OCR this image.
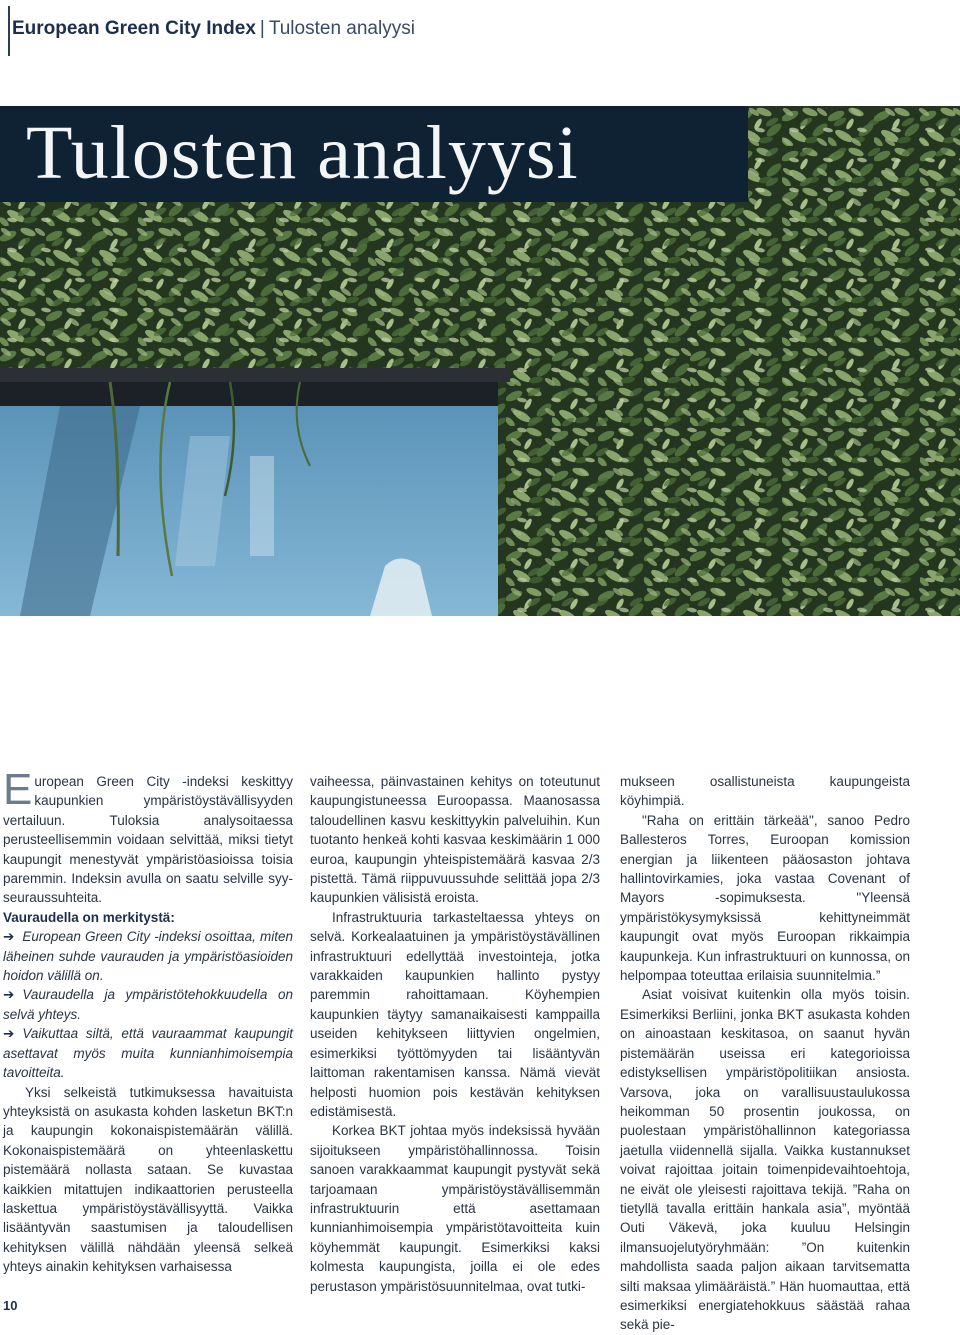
European Green City Index | Tulosten analyysi
Tulosten analyysi

European Green City -indeksi keskittyy kaupunkien ympäristöystävällisyyden vertailuun. Tuloksia analysoitaessa perusteellisemmin voidaan selvittää, miksi tietyt kaupungit menestyvät ympäristöasioissa toisia paremmin. Indeksin avulla on saatu selville syy-seuraussuhteita.

Vauraudella on merkitystä:

➔ European Green City -indeksi osoittaa, miten läheinen suhde vaurauden ja ympäristöasioiden hoidon välillä on.

➔ Vauraudella ja ympäristötehokkuudella on selvä yhteys.

➔ Vaikuttaa siltä, että vauraammat kaupungit asettavat myös muita kunnianhimoisempia tavoitteita.

Yksi selkeistä tutkimuksessa havaituista yhteyksistä on asukasta kohden lasketun BKT:n ja kaupungin kokonaispistemäärän välillä. Kokonaispistemäärä on yhteenlaskettu pistemäärä nollasta sataan. Se kuvastaa kaikkien mitattujen indikaattorien perusteella laskettua ympäristöystävällisyyttä. Vaikka lisääntyvän saastumisen ja taloudellisen kehityksen välillä nähdään yleensä selkeä yhteys ainakin kehityksen varhaisessa

vaiheessa, päinvastainen kehitys on toteutunut kaupungistuneessa Euroopassa. Maanosassa taloudellinen kasvu keskittyykin palveluihin. Kun tuotanto henkeä kohti kasvaa keskimäärin 1 000 euroa, kaupungin yhteispistemäärä kasvaa 2/3 pistettä. Tämä riippuvuussuhde selittää jopa 2/3 kaupunkien välisistä eroista.

Infrastruktuuria tarkasteltaessa yhteys on selvä. Korkealaatuinen ja ympäristöystävällinen infrastruktuuri edellyttää investointeja, jotka varakkaiden kaupunkien hallinto pystyy paremmin rahoittamaan. Köyhempien kaupunkien täytyy samanaikaisesti kamppailla useiden kehitykseen liittyvien ongelmien, esimerkiksi työttömyyden tai lisääntyvän laittoman rakentamisen kanssa. Nämä vievät helposti huomion pois kestävän kehityksen edistämisestä.

Korkea BKT johtaa myös indeksissä hyvään sijoitukseen ympäristöhallinnossa. Toisin sanoen varakkaammat kaupungit pystyvät sekä tarjoamaan ympäristöystävällisemmän infrastruktuurin että asettamaan kunnianhimoisempia ympäristötavoitteita kuin köyhemmät kaupungit. Esimerkiksi kaksi kolmesta kaupungista, joilla ei ole edes perustason ympäristösuunnitelmaa, ovat tutki-

mukseen osallistuneista kaupungeista köyhimpiä.

"Raha on erittäin tärkeää", sanoo Pedro Ballesteros Torres, Euroopan komission energian ja liikenteen pääosaston johtava hallintovirkamies, joka vastaa Covenant of Mayors -sopimuksesta. "Yleensä ympäristökysymyksissä kehittyneimmät kaupungit ovat myös Euroopan rikkaimpia kaupunkeja. Kun infrastruktuuri on kunnossa, on helpompaa toteuttaa erilaisia suunnitelmia.”

Asiat voisivat kuitenkin olla myös toisin. Esimerkiksi Berliini, jonka BKT asukasta kohden on ainoastaan keskitasoa, on saanut hyvän pistemäärän useissa eri kategorioissa edistyksellisen ympäristöpolitiikan ansiosta. Varsova, joka on varallisuustaulukossa heikomman 50 prosentin joukossa, on puolestaan ympäristöhallinnon kategoriassa jaetulla viidennellä sijalla. Vaikka kustannukset voivat rajoittaa joitain toimenpidevaihtoehtoja, ne eivät ole yleisesti rajoittava tekijä. ”Raha on tietyllä tavalla erittäin hankala asia”, myöntää Outi Väkevä, joka kuuluu Helsingin ilmansuojelutyöryhmään: ”On kuitenkin mahdollista saada paljon aikaan tarvitsematta silti maksaa ylimääräistä.” Hän huomauttaa, että esimerkiksi energiatehokkuus säästää rahaa sekä pie-

10
